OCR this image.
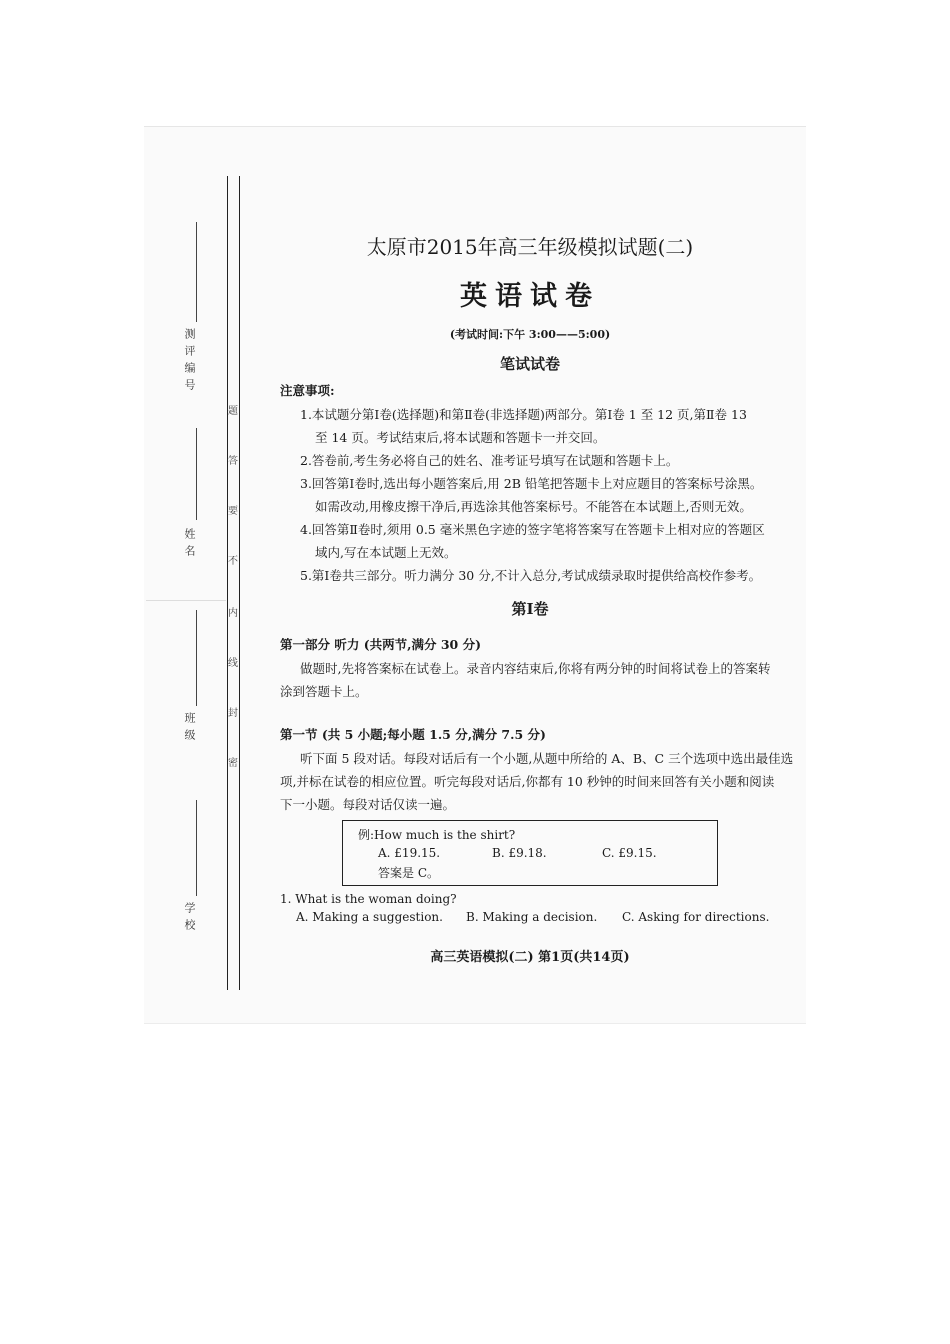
测评编号
姓名
班级
学校
题
答
要
不
内
线
封
密
太原市2015年高三年级模拟试题(二)
英语试卷
(考试时间:下午 3:00——5:00)
笔试试卷
注意事项:
1.本试题分第Ⅰ卷(选择题)和第Ⅱ卷(非选择题)两部分。第Ⅰ卷 1 至 12 页,第Ⅱ卷 13
至 14 页。考试结束后,将本试题和答题卡一并交回。
2.答卷前,考生务必将自己的姓名、准考证号填写在试题和答题卡上。
3.回答第Ⅰ卷时,选出每小题答案后,用 2B 铅笔把答题卡上对应题目的答案标号涂黑。
如需改动,用橡皮擦干净后,再选涂其他答案标号。不能答在本试题上,否则无效。
4.回答第Ⅱ卷时,须用 0.5 毫米黑色字迹的签字笔将答案写在答题卡上相对应的答题区
域内,写在本试题上无效。
5.第Ⅰ卷共三部分。听力满分 30 分,不计入总分,考试成绩录取时提供给高校作参考。
第Ⅰ卷
第一部分 听力 (共两节,满分 30 分)
做题时,先将答案标在试卷上。录音内容结束后,你将有两分钟的时间将试卷上的答案转
涂到答题卡上。
第一节 (共 5 小题;每小题 1.5 分,满分 7.5 分)
听下面 5 段对话。每段对话后有一个小题,从题中所给的 A、B、C 三个选项中选出最佳选
项,并标在试卷的相应位置。听完每段对话后,你都有 10 秒钟的时间来回答有关小题和阅读
下一小题。每段对话仅读一遍。
例:How much is the shirt?
A. £19.15.	B. £9.18.	C. £9.15.
答案是 C。
1. What is the woman doing?
A. Making a suggestion. B. Making a decision. C. Asking for directions.
高三英语模拟(二) 第1页(共14页)
